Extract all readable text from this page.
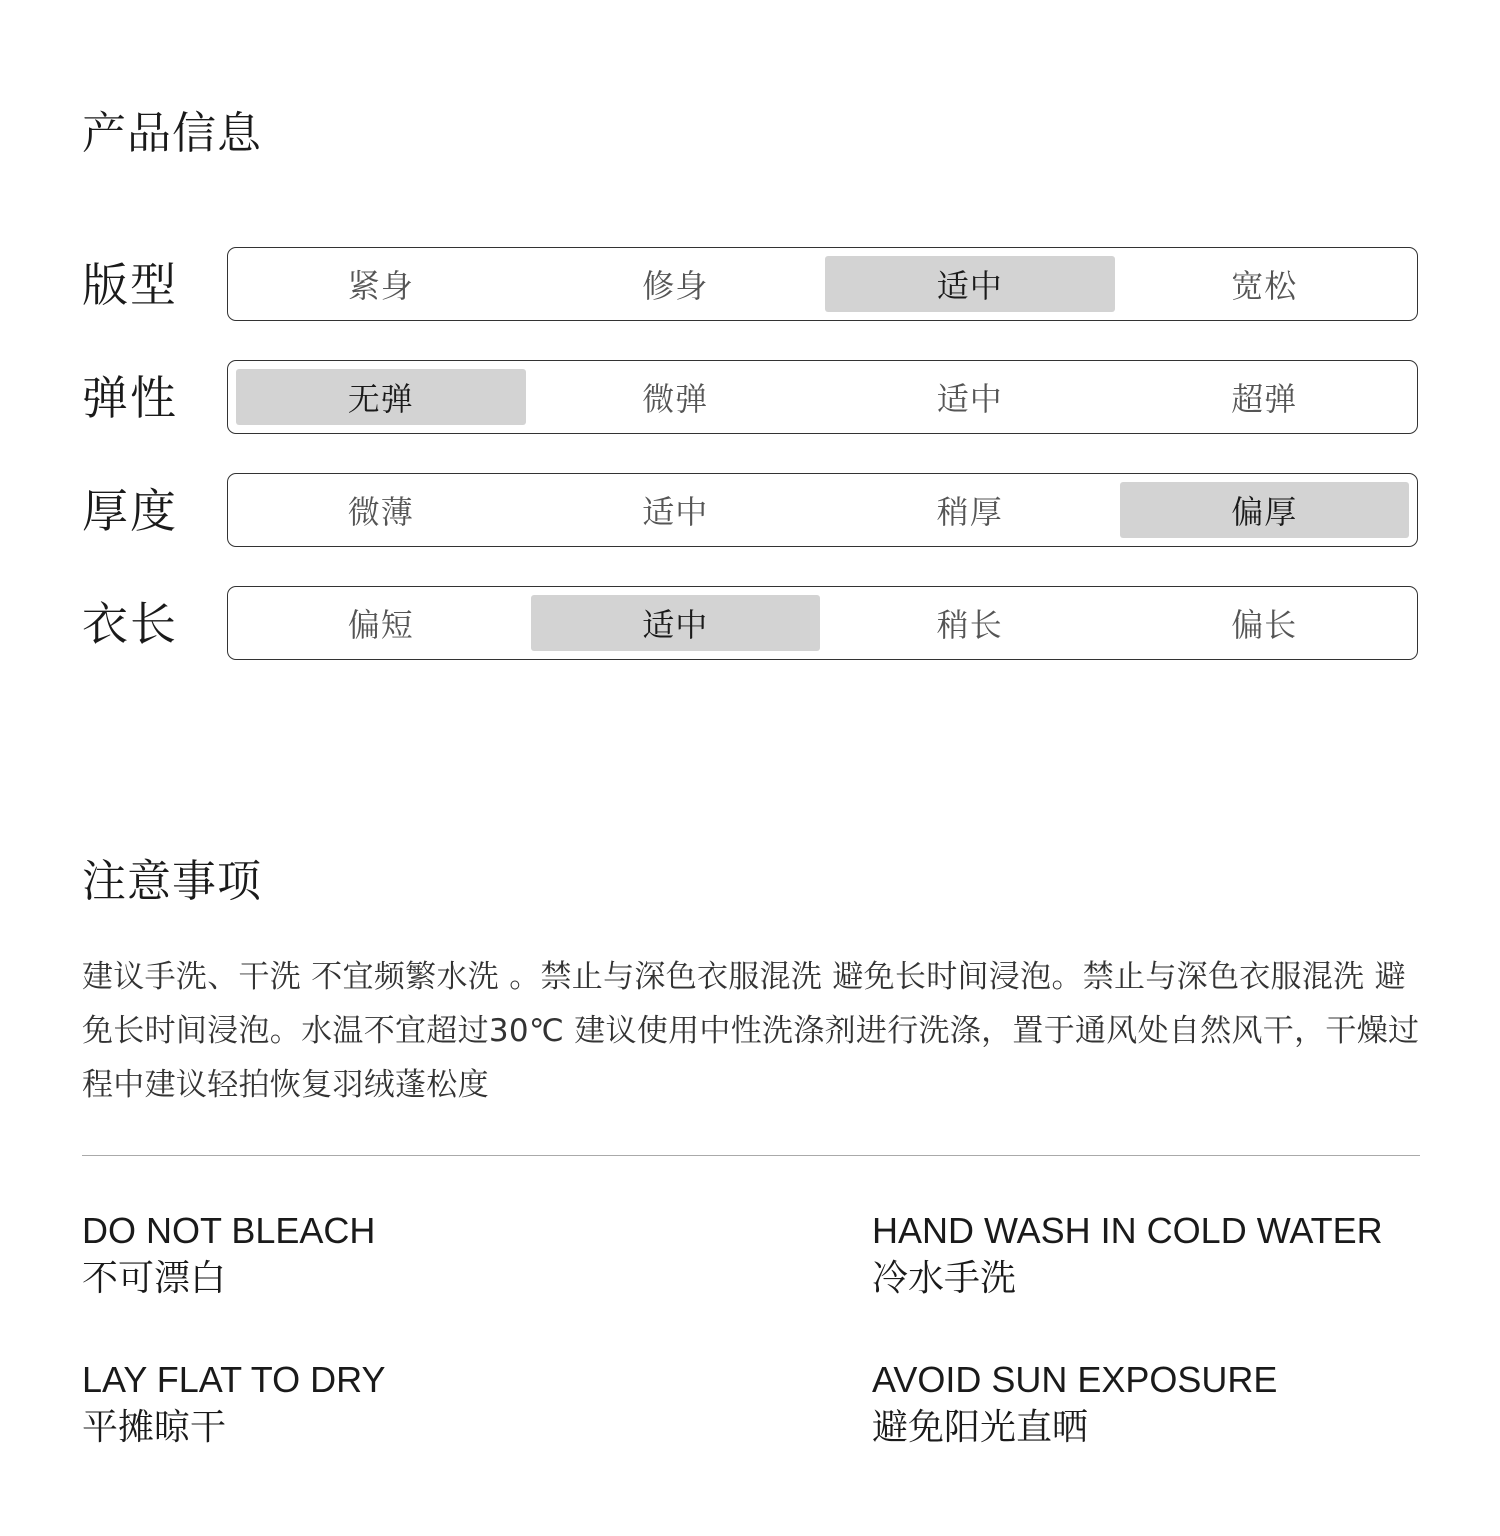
产品信息
版型	紧身	修身	适中	宽松
弹性	无弹	微弹	适中	超弹
厚度	微薄	适中	稍厚	偏厚
衣长	偏短	适中	稍长	偏长
注意事项

建议手洗、干洗 不宜频繁水洗 。禁止与深色衣服混洗 避免长时间浸泡。禁止与深色衣服混洗 避免长时间浸泡。水温不宜超过30℃ 建议使用中性洗涤剂进行洗涤，置于通风处自然风干，干燥过程中建议轻拍恢复羽绒蓬松度

DO NOT BLEACH
不可漂白
HAND WASH IN COLD WATER
冷水手洗
LAY FLAT TO DRY
平摊晾干
AVOID SUN EXPOSURE
避免阳光直晒
